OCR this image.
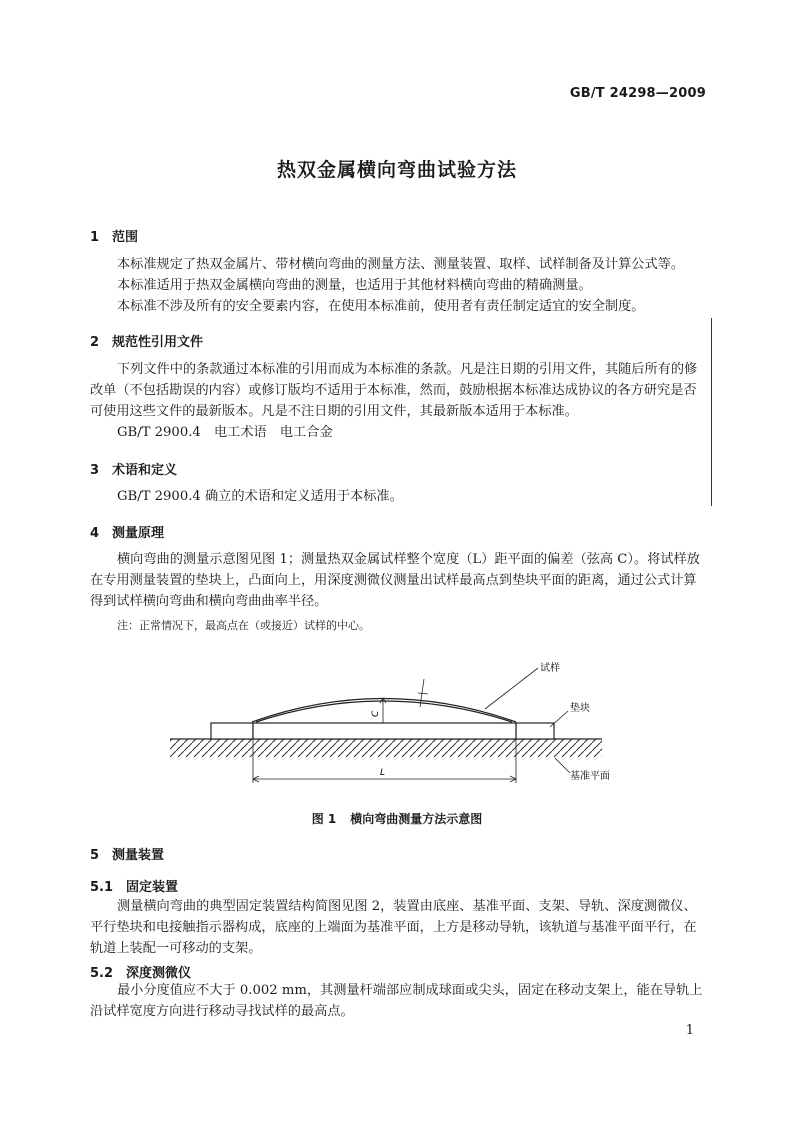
GB/T 24298—2009
热双金属横向弯曲试验方法
1 范围
本标准规定了热双金属片、带材横向弯曲的测量方法、测量装置、取样、试样制备及计算公式等。
本标准适用于热双金属横向弯曲的测量，也适用于其他材料横向弯曲的精确测量。
本标准不涉及所有的安全要素内容，在使用本标准前，使用者有责任制定适宜的安全制度。
2 规范性引用文件
下列文件中的条款通过本标准的引用而成为本标准的条款。凡是注日期的引用文件，其随后所有的修改单（不包括勘误的内容）或修订版均不适用于本标准，然而，鼓励根据本标准达成协议的各方研究是否可使用这些文件的最新版本。凡是不注日期的引用文件，其最新版本适用于本标准。
GB/T 2900.4　电工术语　电工合金
3 术语和定义
GB/T 2900.4 确立的术语和定义适用于本标准。
4 测量原理
横向弯曲的测量示意图见图 1；测量热双金属试样整个宽度（L）距平面的偏差（弦高 C）。将试样放在专用测量装置的垫块上，凸面向上，用深度测微仪测量出试样最高点到垫块平面的距离，通过公式计算得到试样横向弯曲和横向弯曲曲率半径。
注：正常情况下，最高点在（或接近）试样的中心。
C
试样
垫块
L	基准平面
图 1 横向弯曲测量方法示意图
5 测量装置
5.1 固定装置
测量横向弯曲的典型固定装置结构简图见图 2，装置由底座、基准平面、支架、导轨、深度测微仪、平行垫块和电接触指示器构成，底座的上端面为基准平面，上方是移动导轨，该轨道与基准平面平行，在轨道上装配一可移动的支架。
5.2 深度测微仪
最小分度值应不大于 0.002 mm，其测量杆端部应制成球面或尖头，固定在移动支架上，能在导轨上沿试样宽度方向进行移动寻找试样的最高点。
1
